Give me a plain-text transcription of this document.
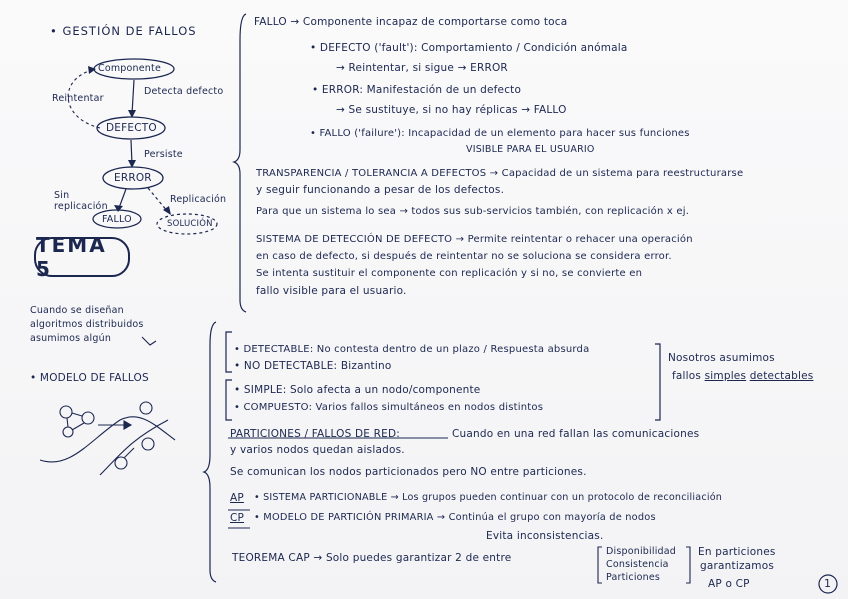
• GESTIÓN DE FALLOS
Componente
DEFECTO
ERROR
FALLO	SOLUCIÓN
Reintentar
Detecta defecto
Persiste
Sin replicación
Replicación
TEMA 5
Cuando se diseñan
algoritmos distribuidos
asumimos algún
• MODELO DE FALLOS
FALLO → Componente incapaz de comportarse como toca
• DEFECTO ('fault'): Comportamiento / Condición anómala
→ Reintentar, si sigue → ERROR
• ERROR: Manifestación de un defecto
→ Se sustituye, si no hay réplicas → FALLO
• FALLO ('failure'): Incapacidad de un elemento para hacer sus funciones
VISIBLE PARA EL USUARIO
TRANSPARENCIA / TOLERANCIA A DEFECTOS → Capacidad de un sistema para reestructurarse
y seguir funcionando a pesar de los defectos.
Para que un sistema lo sea → todos sus sub-servicios también, con replicación x ej.
SISTEMA DE DETECCIÓN DE DEFECTO → Permite reintentar o rehacer una operación
en caso de defecto, si después de reintentar no se soluciona se considera error.
Se intenta sustituir el componente con replicación y si no, se convierte en
fallo visible para el usuario.
• DETECTABLE: No contesta dentro de un plazo / Respuesta absurda
• NO DETECTABLE: Bizantino
• SIMPLE: Solo afecta a un nodo/componente
• COMPUESTO: Varios fallos simultáneos en nodos distintos
Nosotros asumimos
fallos simples detectables
PARTICIONES / FALLOS DE RED:	Cuando en una red fallan las comunicaciones
y varios nodos quedan aislados.
Se comunican los nodos particionados pero NO entre particiones.
AP • SISTEMA PARTICIONABLE → Los grupos pueden continuar con un protocolo de reconciliación
CP • MODELO DE PARTICIÓN PRIMARIA → Continúa el grupo con mayoría de nodos
Evita inconsistencias.
TEOREMA CAP → Solo puedes garantizar 2 de entre
Disponibilidad
Consistencia
Particiones
En particiones
garantizamos
AP o CP	1
